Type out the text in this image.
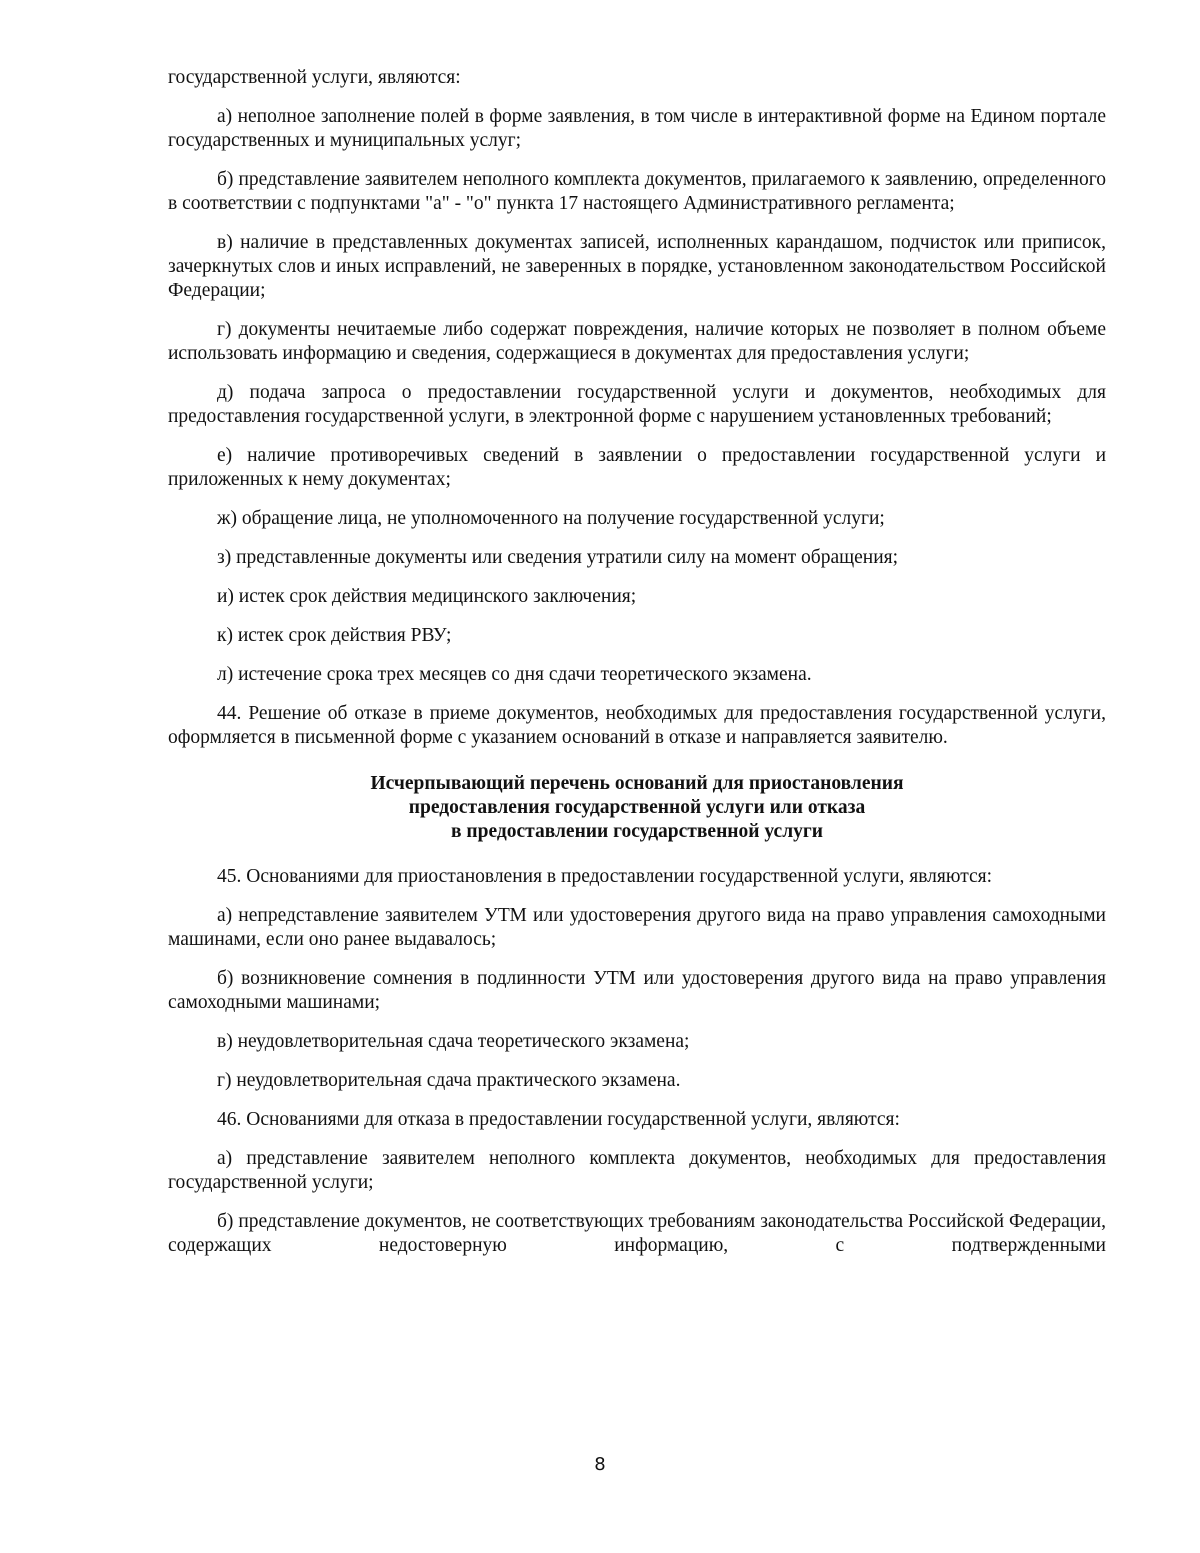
государственной услуги, являются:

а) неполное заполнение полей в форме заявления, в том числе в интерактивной форме на Едином портале государственных и муниципальных услуг;

б) представление заявителем неполного комплекта документов, прилагаемого к заявлению, определенного в соответствии с подпунктами "а" - "о" пункта 17 настоящего Административного регламента;

в) наличие в представленных документах записей, исполненных карандашом, подчисток или приписок, зачеркнутых слов и иных исправлений, не заверенных в порядке, установленном законодательством Российской Федерации;

г) документы нечитаемые либо содержат повреждения, наличие которых не позволяет в полном объеме использовать информацию и сведения, содержащиеся в документах для предоставления услуги;

д) подача запроса о предоставлении государственной услуги и документов, необходимых для предоставления государственной услуги, в электронной форме с нарушением установленных требований;

е) наличие противоречивых сведений в заявлении о предоставлении государственной услуги и приложенных к нему документах;

ж) обращение лица, не уполномоченного на получение государственной услуги;

з) представленные документы или сведения утратили силу на момент обращения;

и) истек срок действия медицинского заключения;

к) истек срок действия РВУ;

л) истечение срока трех месяцев со дня сдачи теоретического экзамена.

44. Решение об отказе в приеме документов, необходимых для предоставления государственной услуги, оформляется в письменной форме с указанием оснований в отказе и направляется заявителю.

Исчерпывающий перечень оснований для приостановления
предоставления государственной услуги или отказа
в предоставлении государственной услуги

45. Основаниями для приостановления в предоставлении государственной услуги, являются:

а) непредставление заявителем УТМ или удостоверения другого вида на право управления самоходными машинами, если оно ранее выдавалось;

б) возникновение сомнения в подлинности УТМ или удостоверения другого вида на право управления самоходными машинами;

в) неудовлетворительная сдача теоретического экзамена;

г) неудовлетворительная сдача практического экзамена.

46. Основаниями для отказа в предоставлении государственной услуги, являются:

а) представление заявителем неполного комплекта документов, необходимых для предоставления государственной услуги;

б) представление документов, не соответствующих требованиям законодательства Российской Федерации, содержащих недостоверную информацию, с подтвержденными

8
